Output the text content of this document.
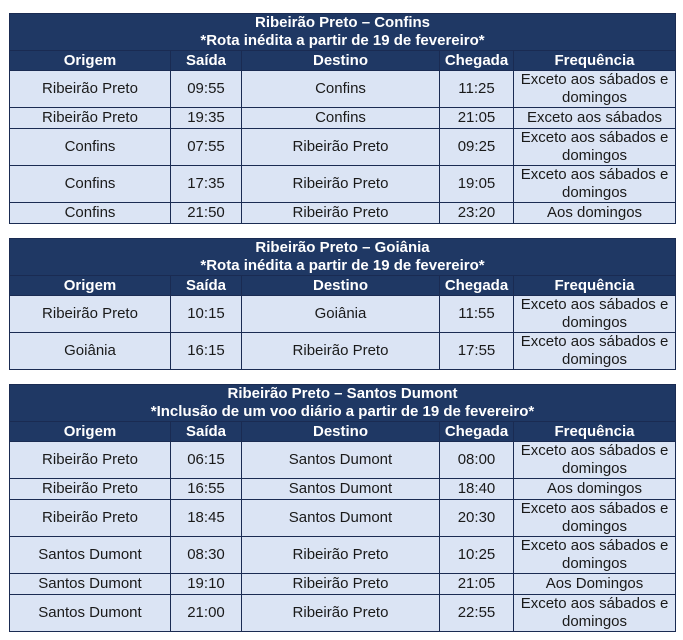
Ribeirão Preto – Confins
*Rota inédita a partir de 19 de fevereiro*				

Origem	Saída	Destino	Chegada	Frequência
Ribeirão Preto	09:55	Confins	11:25	Exceto aos sábados e domingos
Ribeirão Preto	19:35	Confins	21:05	Exceto aos sábados
Confins	07:55	Ribeirão Preto	09:25	Exceto aos sábados e domingos
Confins	17:35	Ribeirão Preto	19:05	Exceto aos sábados e domingos
Confins	21:50	Ribeirão Preto	23:20	Aos domingos
Ribeirão Preto – Goiânia
*Rota inédita a partir de 19 de fevereiro*				

Origem	Saída	Destino	Chegada	Frequência
Ribeirão Preto	10:15	Goiânia	11:55	Exceto aos sábados e domingos
Goiânia	16:15	Ribeirão Preto	17:55	Exceto aos sábados e domingos
Ribeirão Preto – Santos Dumont
*Inclusão de um voo diário a partir de 19 de fevereiro*				

Origem	Saída	Destino	Chegada	Frequência
Ribeirão Preto	06:15	Santos Dumont	08:00	Exceto aos sábados e domingos
Ribeirão Preto	16:55	Santos Dumont	18:40	Aos domingos
Ribeirão Preto	18:45	Santos Dumont	20:30	Exceto aos sábados e domingos
Santos Dumont	08:30	Ribeirão Preto	10:25	Exceto aos sábados e domingos
Santos Dumont	19:10	Ribeirão Preto	21:05	Aos Domingos
Santos Dumont	21:00	Ribeirão Preto	22:55	Exceto aos sábados e domingos
